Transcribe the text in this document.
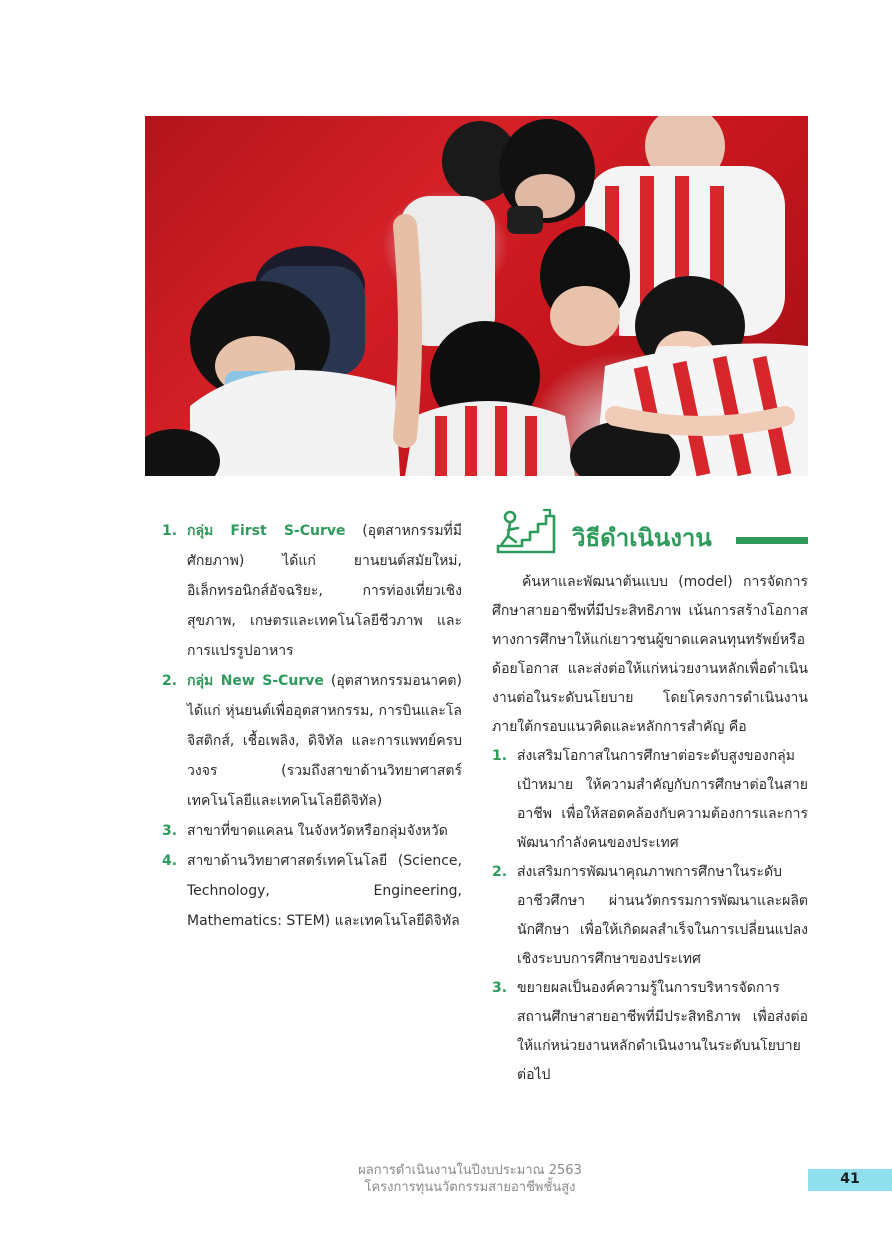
1. กลุ่ม First S-Curve (อุตสาหกรรมที่มีศักยภาพ) ได้แก่ ยานยนต์สมัยใหม่, อิเล็กทรอนิกส์อัจฉริยะ, การท่องเที่ยวเชิงสุขภาพ, เกษตรและเทคโนโลยีชีวภาพ และการแปรรูปอาหาร
2. กลุ่ม New S-Curve (อุตสาหกรรมอนาคต) ได้แก่ หุ่นยนต์เพื่ออุตสาหกรรม, การบินและโลจิสติกส์, เชื้อเพลิง, ดิจิทัล และการแพทย์ครบวงจร (รวมถึงสาขาด้านวิทยาศาสตร์เทคโนโลยีและเทคโนโลยีดิจิทัล)
3. สาขาที่ขาดแคลน ในจังหวัดหรือกลุ่มจังหวัด
4. สาขาด้านวิทยาศาสตร์เทคโนโลยี (Science, Technology, Engineering, Mathematics: STEM) และเทคโนโลยีดิจิทัล
วิธีดำเนินงาน

ค้นหาและพัฒนาต้นแบบ (model) การจัดการศึกษาสายอาชีพที่มีประสิทธิภาพ เน้นการสร้างโอกาสทางการศึกษาให้แก่เยาวชนผู้ขาดแคลนทุนทรัพย์หรือด้อยโอกาส และส่งต่อให้แก่หน่วยงานหลักเพื่อดำเนินงานต่อในระดับนโยบาย โดยโครงการดำเนินงานภายใต้กรอบแนวคิดและหลักการสำคัญ คือ

1. ส่งเสริมโอกาสในการศึกษาต่อระดับสูงของกลุ่มเป้าหมาย ให้ความสำคัญกับการศึกษาต่อในสายอาชีพ เพื่อให้สอดคล้องกับความต้องการและการพัฒนากำลังคนของประเทศ
2. ส่งเสริมการพัฒนาคุณภาพการศึกษาในระดับอาชีวศึกษา ผ่านนวัตกรรมการพัฒนาและผลิตนักศึกษา เพื่อให้เกิดผลสำเร็จในการเปลี่ยนแปลงเชิงระบบการศึกษาของประเทศ
3. ขยายผลเป็นองค์ความรู้ในการบริหารจัดการสถานศึกษาสายอาชีพที่มีประสิทธิภาพ เพื่อส่งต่อให้แก่หน่วยงานหลักดำเนินงานในระดับนโยบายต่อไป
ผลการดำเนินงานในปีงบประมาณ 2563
โครงการทุนนวัตกรรมสายอาชีพชั้นสูง
41
